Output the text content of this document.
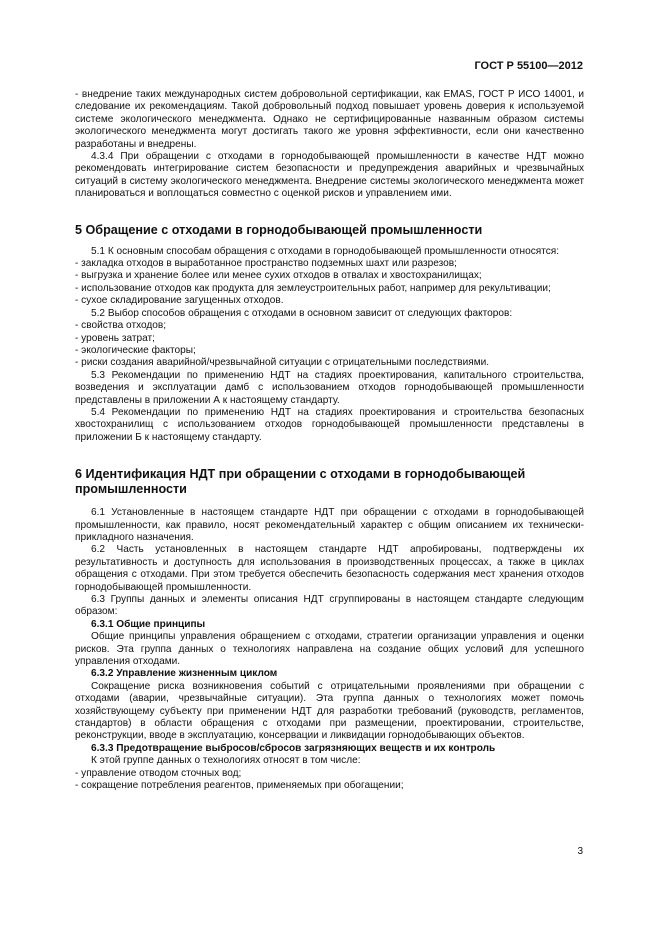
ГОСТ Р 55100—2012

- внедрение таких международных систем добровольной сертификации, как EMAS, ГОСТ Р ИСО 14001, и следование их рекомендациям. Такой добровольный подход повышает уровень доверия к используемой системе экологического менеджмента. Однако не сертифицированные названным образом системы экологического менеджмента могут достигать такого же уровня эффективности, если они качественно разработаны и внедрены.

4.3.4 При обращении с отходами в горнодобывающей промышленности в качестве НДТ можно рекомендовать интегрирование систем безопасности и предупреждения аварийных и чрезвычайных ситуаций в систему экологического менеджмента. Внедрение системы экологического менеджмента может планироваться и воплощаться совместно с оценкой рисков и управлением ими.

5 Обращение с отходами в горнодобывающей промышленности

5.1 К основным способам обращения с отходами в горнодобывающей промышленности относятся:

- закладка отходов в выработанное пространство подземных шахт или разрезов;

- выгрузка и хранение более или менее сухих отходов в отвалах и хвостохранилищах;

- использование отходов как продукта для землеустроительных работ, например для рекультивации;

- сухое складирование загущенных отходов.

5.2 Выбор способов обращения с отходами в основном зависит от следующих факторов:

- свойства отходов;

- уровень затрат;

- экологические факторы;

- риски создания аварийной/чрезвычайной ситуации с отрицательными последствиями.

5.3 Рекомендации по применению НДТ на стадиях проектирования, капитального строительства, возведения и эксплуатации дамб с использованием отходов горнодобывающей промышленности представлены в приложении А к настоящему стандарту.

5.4 Рекомендации по применению НДТ на стадиях проектирования и строительства безопасных хвостохранилищ с использованием отходов горнодобывающей промышленности представлены в приложении Б к настоящему стандарту.

6 Идентификация НДТ при обращении с отходами в горнодобывающей промышленности

6.1 Установленные в настоящем стандарте НДТ при обращении с отходами в горнодобывающей промышленности, как правило, носят рекомендательный характер с общим описанием их технически-прикладного назначения.

6.2 Часть установленных в настоящем стандарте НДТ апробированы, подтверждены их результативность и доступность для использования в производственных процессах, а также в циклах обращения с отходами. При этом требуется обеспечить безопасность содержания мест хранения отходов горнодобывающей промышленности.

6.3 Группы данных и элементы описания НДТ сгруппированы в настоящем стандарте следующим образом:

6.3.1 Общие принципы

Общие принципы управления обращением с отходами, стратегии организации управления и оценки рисков. Эта группа данных о технологиях направлена на создание общих условий для успешного управления отходами.

6.3.2 Управление жизненным циклом

Сокращение риска возникновения событий с отрицательными проявлениями при обращении с отходами (аварии, чрезвычайные ситуации). Эта группа данных о технологиях может помочь хозяйствующему субъекту при применении НДТ для разработки требований (руководств, регламентов, стандартов) в области обращения с отходами при размещении, проектировании, строительстве, реконструкции, вводе в эксплуатацию, консервации и ликвидации горнодобывающих объектов.

6.3.3 Предотвращение выбросов/сбросов загрязняющих веществ и их контроль

К этой группе данных о технологиях относят в том числе:

- управление отводом сточных вод;

- сокращение потребления реагентов, применяемых при обогащении;

3
